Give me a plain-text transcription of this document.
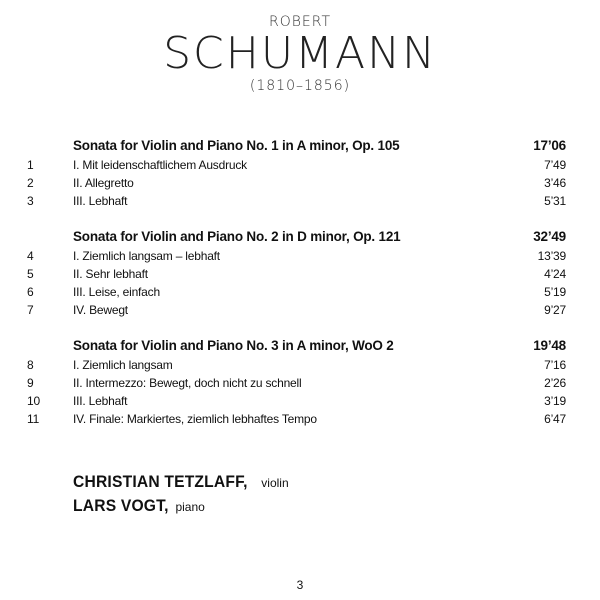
ROBERT
SCHUMANN
(1810–1856)
Sonata for Violin and Piano No. 1 in A minor, Op. 105	17’06
1	I. Mit leidenschaftlichem Ausdruck	7’49
2	II. Allegretto	3’46
3	III. Lebhaft	5’31
Sonata for Violin and Piano No. 2 in D minor, Op. 121	32’49
4	I. Ziemlich langsam – lebhaft	13’39
5	II. Sehr lebhaft	4’24
6	III. Leise, einfach	5’19
7	IV. Bewegt	9’27
Sonata for Violin and Piano No. 3 in A minor, WoO 2	19’48
8	I. Ziemlich langsam	7’16
9	II. Intermezzo: Bewegt, doch nicht zu schnell	2’26
10	III. Lebhaft	3’19
11	IV. Finale: Markiertes, ziemlich lebhaftes Tempo	6’47
CHRISTIAN TETZLAFF, violin
LARS VOGT, piano
3
